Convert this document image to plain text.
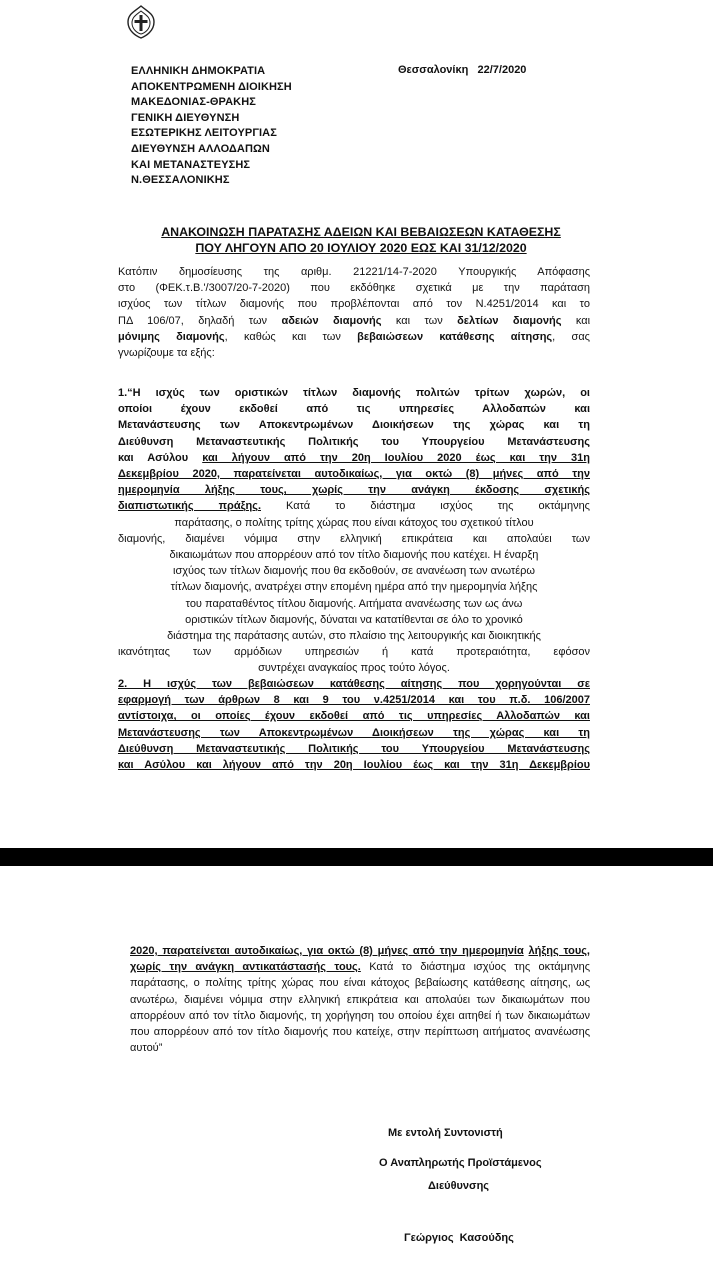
ΕΛΛΗΝΙΚΗ ΔΗΜΟΚΡΑΤΙΑ
ΑΠΟΚΕΝΤΡΩΜΕΝΗ ΔΙΟΙΚΗΣΗ
ΜΑΚΕΔΟΝΙΑΣ-ΘΡΑΚΗΣ
ΓΕΝΙΚΗ ΔΙΕΥΘΥΝΣΗ
ΕΣΩΤΕΡΙΚΗΣ ΛΕΙΤΟΥΡΓΙΑΣ
ΔΙΕΥΘΥΝΣΗ ΑΛΛΟΔΑΠΩΝ
ΚΑΙ ΜΕΤΑΝΑΣΤΕΥΣΗΣ
Ν.ΘΕΣΣΑΛΟΝΙΚΗΣ
Θεσσαλονίκη   22/7/2020
ΑΝΑΚΟΙΝΩΣΗ ΠΑΡΑΤΑΣΗΣ ΑΔΕΙΩΝ ΚΑΙ ΒΕΒΑΙΩΣΕΩΝ ΚΑΤΑΘΕΣΗΣ
ΠΟΥ ΛΗΓΟΥΝ ΑΠΟ 20 ΙΟΥΛΙΟΥ 2020 ΕΩΣ ΚΑΙ 31/12/2020
Κατόπιν δημοσίευσης της αριθμ. 21221/14-7-2020 Υπουργικής Απόφασης
στο (ΦΕΚ.τ.Β.'/3007/20-7-2020) που εκδόθηκε σχετικά με την παράταση
ισχύος των τίτλων διαμονής που προβλέπονται από τον Ν.4251/2014 και το
ΠΔ 106/07, δηλαδή των αδειών διαμονής και των δελτίων διαμονής και
μόνιμης διαμονής, καθώς και των βεβαιώσεων κατάθεσης αίτησης, σας
γνωρίζουμε τα εξής:
1.“Η ισχύς των οριστικών τίτλων διαμονής πολιτών τρίτων χωρών, οι
οποίοι έχουν εκδοθεί από τις υπηρεσίες Αλλοδαπών και
Μετανάστευσης των Αποκεντρωμένων Διοικήσεων της χώρας και τη
Διεύθυνση Μεταναστευτικής Πολιτικής του Υπουργείου Μετανάστευσης
και Ασύλου και λήγουν από την 20η Ιουλίου 2020 έως και την 31η
Δεκεμβρίου 2020, παρατείνεται αυτοδικαίως, για οκτώ (8) μήνες από την
ημερομηνία λήξης τους, χωρίς την ανάγκη έκδοσης σχετικής
διαπιστωτικής πράξης. Κατά το διάστημα ισχύος της οκτάμηνης
παράτασης, ο πολίτης τρίτης χώρας που είναι κάτοχος του σχετικού τίτλου
διαμονής, διαμένει νόμιμα στην ελληνική επικράτεια και απολαύει των
δικαιωμάτων που απορρέουν από τον τίτλο διαμονής που κατέχει. Η έναρξη
ισχύος των τίτλων διαμονής που θα εκδοθούν, σε ανανέωση των ανωτέρω
τίτλων διαμονής, ανατρέχει στην επομένη ημέρα από την ημερομηνία λήξης
του παραταθέντος τίτλου διαμονής. Αιτήματα ανανέωσης των ως άνω
οριστικών τίτλων διαμονής, δύναται να κατατίθενται σε όλο το χρονικό
διάστημα της παράτασης αυτών, στο πλαίσιο της λειτουργικής και διοικητικής
ικανότητας των αρμόδιων υπηρεσιών ή κατά προτεραιότητα, εφόσον
συντρέχει αναγκαίος προς τούτο λόγος.
2. Η ισχύς των βεβαιώσεων κατάθεσης αίτησης που χορηγούνται σε
εφαρμογή των άρθρων 8 και 9 του ν.4251/2014 και του π.δ. 106/2007
αντίστοιχα, οι οποίες έχουν εκδοθεί από τις υπηρεσίες Αλλοδαπών και
Μετανάστευσης των Αποκεντρωμένων Διοικήσεων της χώρας και τη
Διεύθυνση Μεταναστευτικής Πολιτικής του Υπουργείου Μετανάστευσης
και Ασύλου και λήγουν από την 20η Ιουλίου έως και την 31η Δεκεμβρίου
2020, παρατείνεται αυτοδικαίως, για οκτώ (8) μήνες από την ημερομηνία λήξης τους, χωρίς την ανάγκη αντικατάστασής τους. Κατά το διάστημα ισχύος της οκτάμηνης παράτασης, ο πολίτης τρίτης χώρας που είναι κάτοχος βεβαίωσης κατάθεσης αίτησης, ως ανωτέρω, διαμένει νόμιμα στην ελληνική επικράτεια και απολαύει των δικαιωμάτων που απορρέουν από τον τίτλο διαμονής, τη χορήγηση του οποίου έχει αιτηθεί ή των δικαιωμάτων που απορρέουν από τον τίτλο διαμονής που κατείχε, στην περίπτωση αιτήματος ανανέωσης αυτού”
Με εντολή Συντονιστή
Ο Αναπληρωτής Προϊστάμενος
Διεύθυνσης
Γεώργιος  Κασούδης
